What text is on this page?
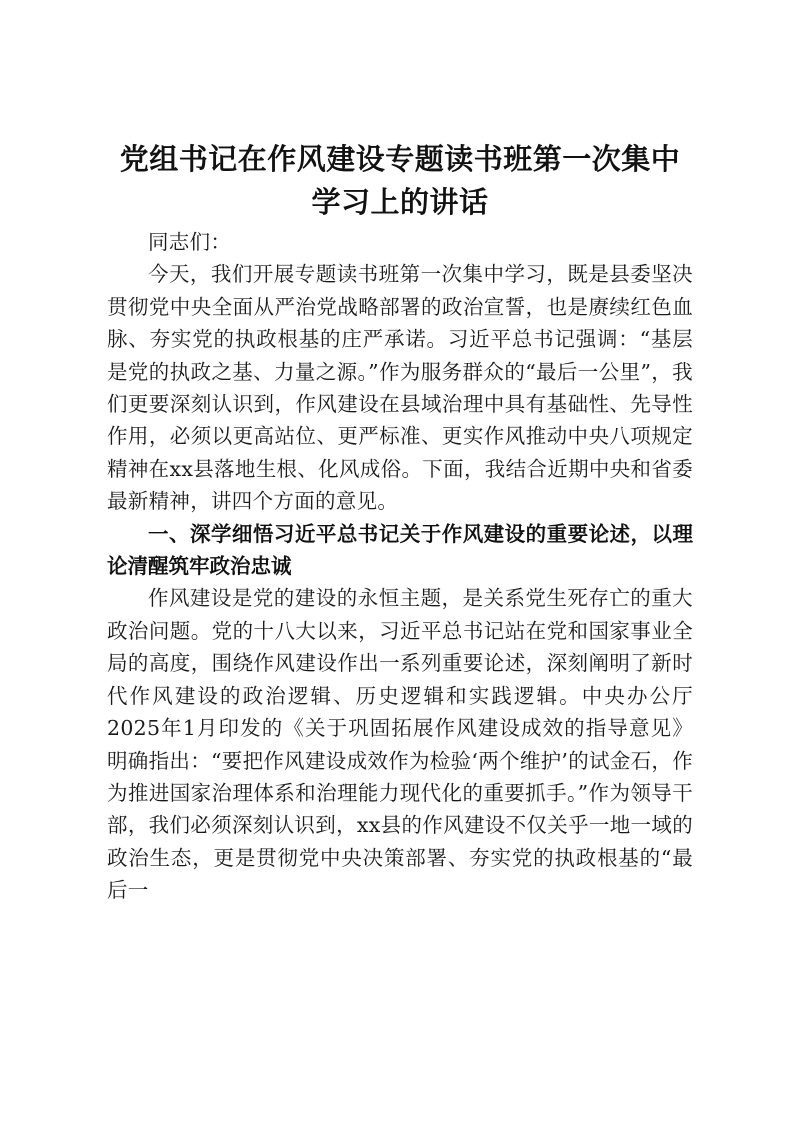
党组书记在作风建设专题读书班第一次集中学习上的讲话

同志们：

今天，我们开展专题读书班第一次集中学习，既是县委坚决贯彻党中央全面从严治党战略部署的政治宣誓，也是赓续红色血脉、夯实党的执政根基的庄严承诺。习近平总书记强调：“基层是党的执政之基、力量之源。”作为服务群众的“最后一公里”，我们更要深刻认识到，作风建设在县域治理中具有基础性、先导性作用，必须以更高站位、更严标准、更实作风推动中央八项规定精神在xx县落地生根、化风成俗。下面，我结合近期中央和省委最新精神，讲四个方面的意见。

一、深学细悟习近平总书记关于作风建设的重要论述，以理论清醒筑牢政治忠诚

作风建设是党的建设的永恒主题，是关系党生死存亡的重大政治问题。党的十八大以来，习近平总书记站在党和国家事业全局的高度，围绕作风建设作出一系列重要论述，深刻阐明了新时代作风建设的政治逻辑、历史逻辑和实践逻辑。中央办公厅2025年1月印发的《关于巩固拓展作风建设成效的指导意见》明确指出：“要把作风建设成效作为检验‘两个维护’的试金石，作为推进国家治理体系和治理能力现代化的重要抓手。”作为领导干部，我们必须深刻认识到，xx县的作风建设不仅关乎一地一域的政治生态，更是贯彻党中央决策部署、夯实党的执政根基的“最后一
